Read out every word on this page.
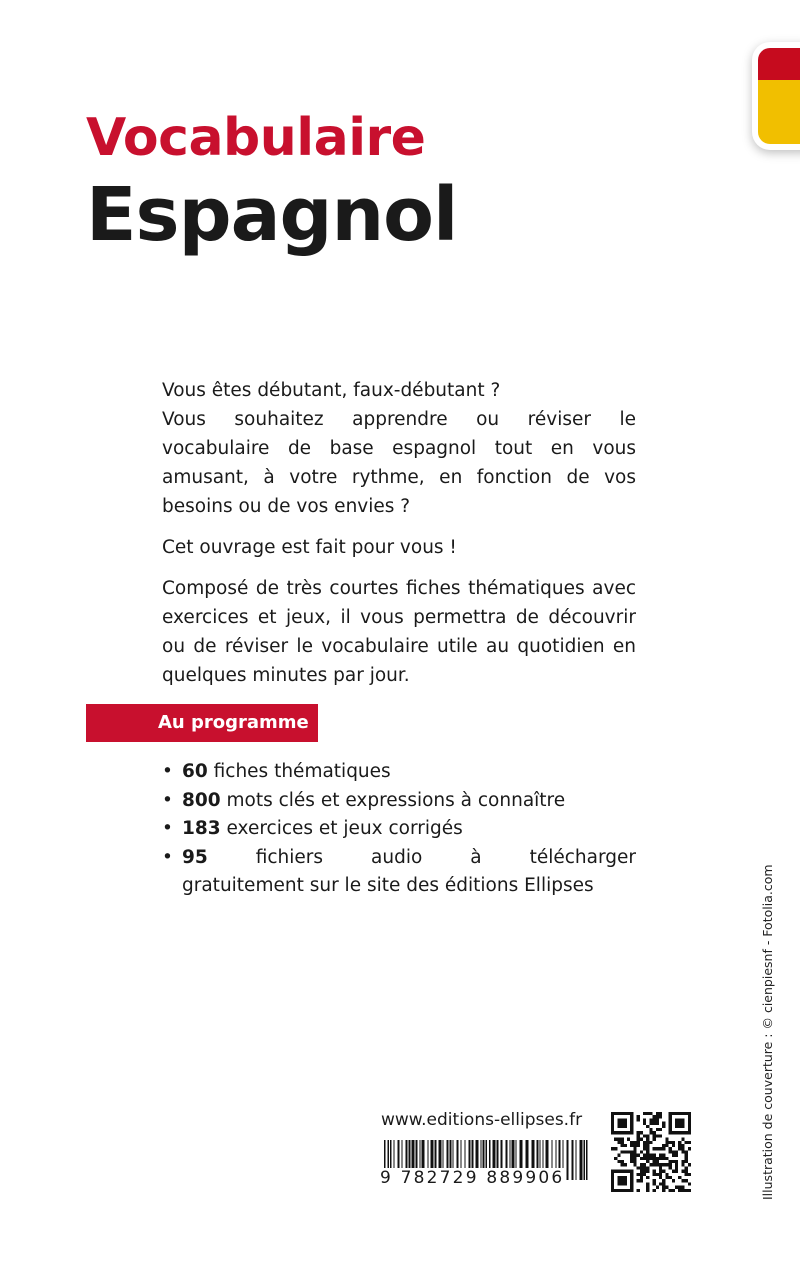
Vocabulaire
Espagnol

Vous êtes débutant, faux-débutant ?

Vous souhaitez apprendre ou réviser le vocabulaire de base espagnol tout en vous amusant, à votre rythme, en fonction de vos besoins ou de vos envies ?

Cet ouvrage est fait pour vous !

Composé de très courtes fiches thématiques avec exercices et jeux, il vous permettra de découvrir ou de réviser le vocabulaire utile au quotidien en quelques minutes par jour.

Au programme
• 60 fiches thématiques
• 800 mots clés et expressions à connaître
• 183 exercices et jeux corrigés
• 95 fichiers audio à télécharger
gratuitement sur le site des éditions Ellipses	Illustration de couverture : © cienpiesnf - Fotolia.com
www.editions-ellipses.fr
9 782729 889906
